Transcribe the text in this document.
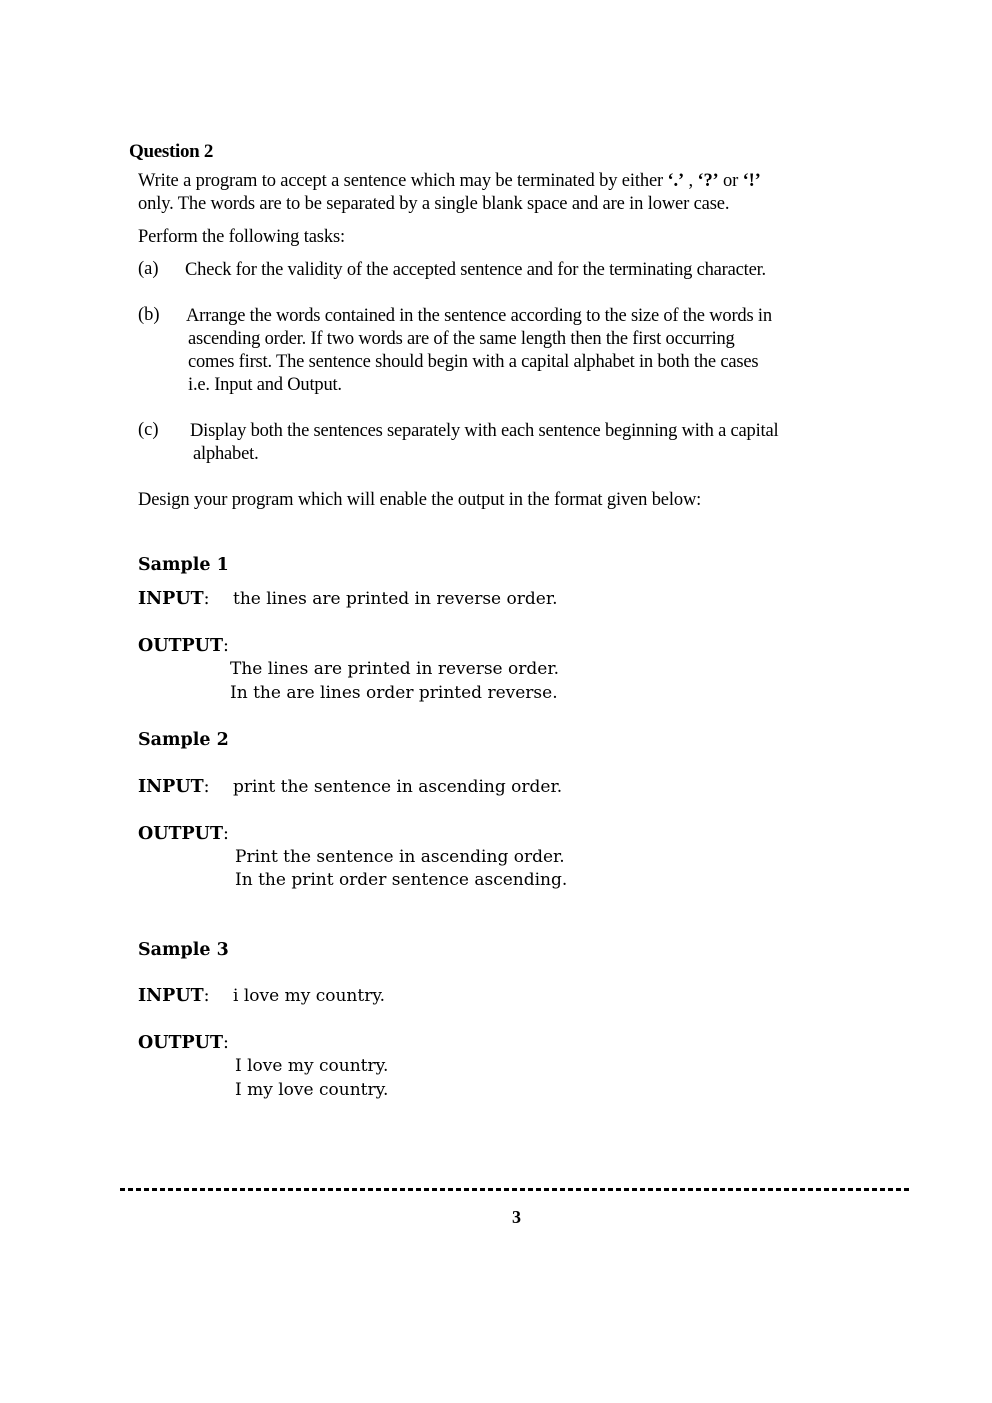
Question 2
Write a program to accept a sentence which may be terminated by either ‘.’ , ‘?’ or ‘!’
only. The words are to be separated by a single blank space and are in lower case.
Perform the following tasks:
(a) Check for the validity of the accepted sentence and for the terminating character.
(b) Arrange the words contained in the sentence according to the size of the words in
ascending order. If two words are of the same length then the first occurring
comes first. The sentence should begin with a capital alphabet in both the cases
i.e. Input and Output.
(c) Display both the sentences separately with each sentence beginning with a capital
alphabet.
Design your program which will enable the output in the format given below:
Sample 1
INPUT: the lines are printed in reverse order.
OUTPUT:
The lines are printed in reverse order.
In the are lines order printed reverse.
Sample 2
INPUT: print the sentence in ascending order.
OUTPUT:
Print the sentence in ascending order.
In the print order sentence ascending.
Sample 3
INPUT: i love my country.
OUTPUT:
I love my country.
I my love country.
3
